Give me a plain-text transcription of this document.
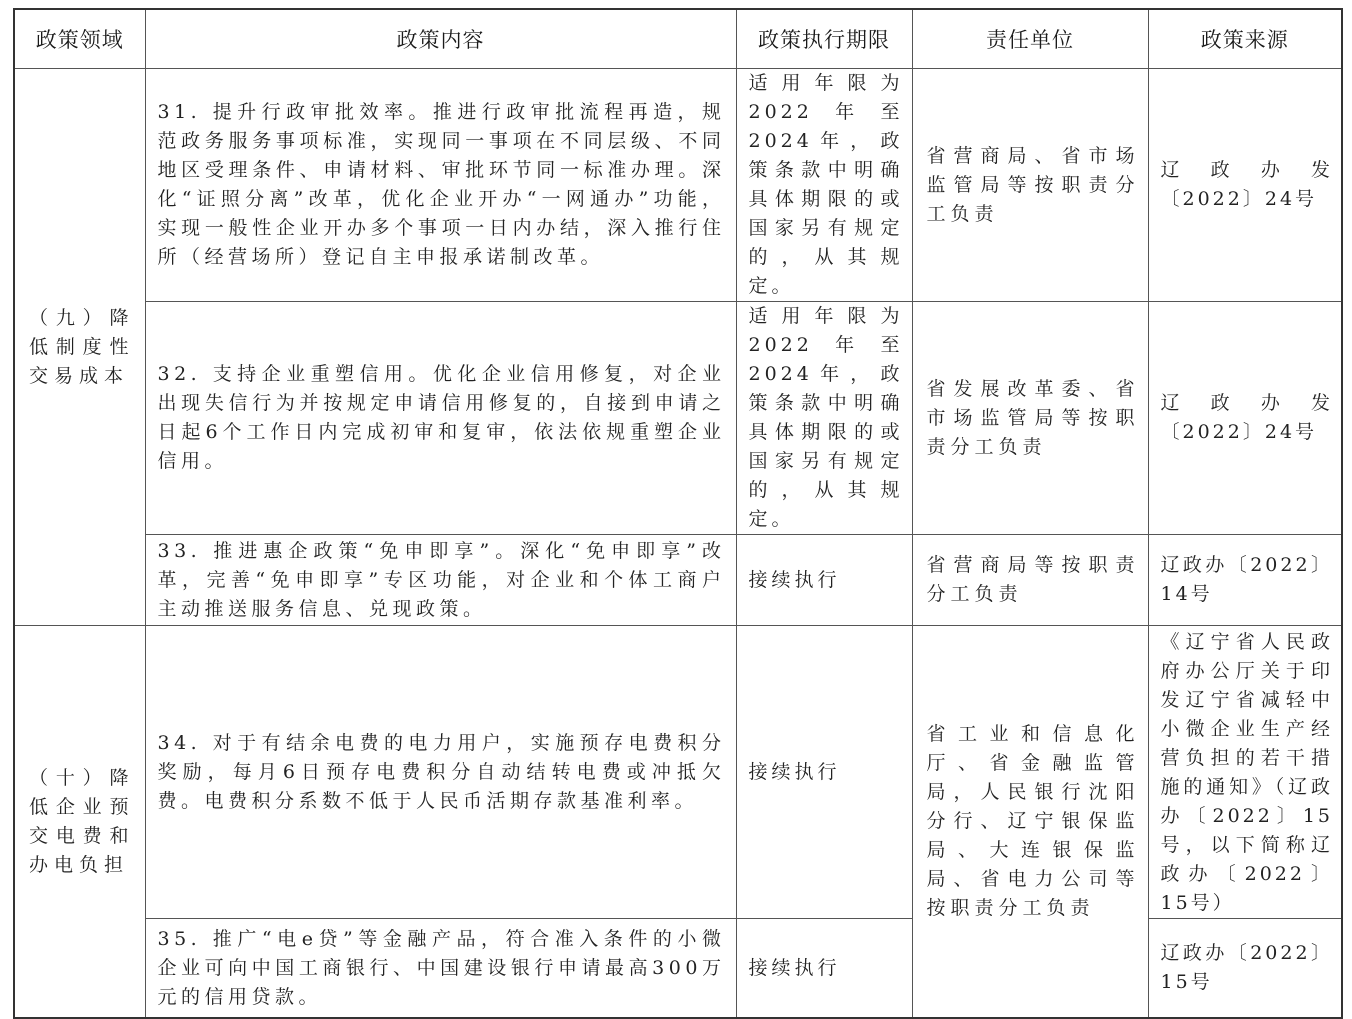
政策领域	政策内容	政策执行期限	责任单位	政策来源

（九）降低制度性交易成本	31. 提升行政审批效率。推进行政审批流程再造，规范政务服务事项标准，实现同一事项在不同层级、不同地区受理条件、申请材料、审批环节同一标准办理。深化“证照分离”改革，优化企业开办“一网通办”功能，实现一般性企业开办多个事项一日内办结，深入推行住所（经营场所）登记自主申报承诺制改革。	适用年限为2022年至2024年，政策条款中明确具体期限的或国家另有规定的，从其规定。	省营商局、省市场监管局等按职责分工负责	辽政办发〔2022〕24号

	32. 支持企业重塑信用。优化企业信用修复，对企业出现失信行为并按规定申请信用修复的，自接到申请之日起6个工作日内完成初审和复审，依法依规重塑企业信用。	适用年限为2022年至2024年，政策条款中明确具体期限的或国家另有规定的，从其规定。	省发展改革委、省市场监管局等按职责分工负责	辽政办发〔2022〕24号

	33. 推进惠企政策“免申即享”。深化“免申即享”改革，完善“免申即享”专区功能，对企业和个体工商户主动推送服务信息、兑现政策。	接续执行	省营商局等按职责分工负责	辽政办〔2022〕14号

（十）降低企业预交电费和办电负担	34. 对于有结余电费的电力用户，实施预存电费积分奖励，每月6日预存电费积分自动结转电费或冲抵欠费。电费积分系数不低于人民币活期存款基准利率。	接续执行	省工业和信息化厅、省金融监管局，人民银行沈阳分行、辽宁银保监局、大连银保监局、省电力公司等按职责分工负责	《辽宁省人民政府办公厅关于印发辽宁省减轻中小微企业生产经营负担的若干措施的通知》（辽政办〔2022〕15号，以下简称辽政办〔2022〕15号）

	35. 推广“电e贷”等金融产品，符合准入条件的小微企业可向中国工商银行、中国建设银行申请最高300万元的信用贷款。	接续执行		辽政办〔2022〕15号
